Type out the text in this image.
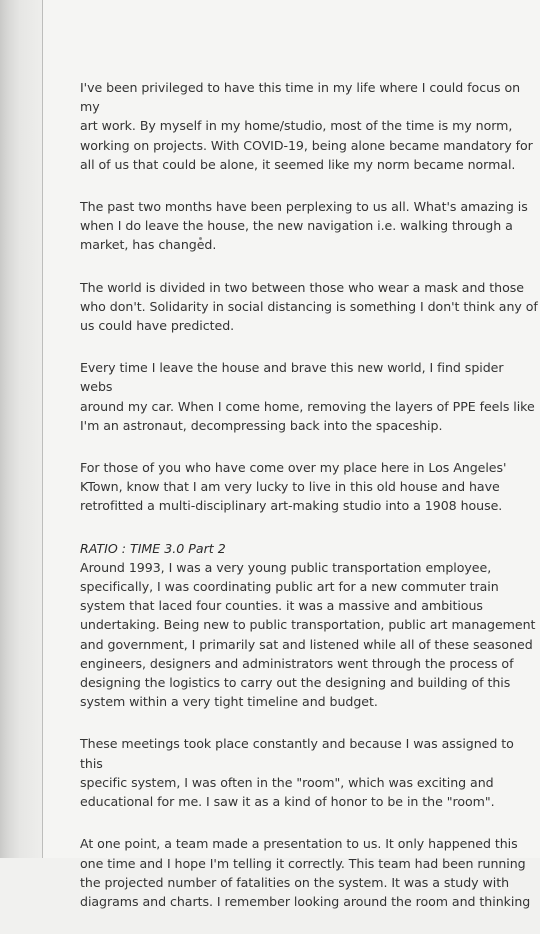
I've been privileged to have this time in my life where I could focus on my
art work. By myself in my home/studio, most of the time is my norm,
working on projects. With COVID-19, being alone became mandatory for
all of us that could be alone, it seemed like my norm became normal.

The past two months have been perplexing to us all. What's amazing is
when I do leave the house, the new navigation i.e. walking through a
market, has changed.

The world is divided in two between those who wear a mask and those
who don't. Solidarity in social distancing is something I don't think any of
us could have predicted.

Every time I leave the house and brave this new world, I find spider webs
around my car. When I come home, removing the layers of PPE feels like
I'm an astronaut, decompressing back into the spaceship.

For those of you who have come over my place here in Los Angeles'
KTown, know that I am very lucky to live in this old house and have
retrofitted a multi-disciplinary art-making studio into a 1908 house.

RATIO : TIME 3.0 Part 2

Around 1993, I was a very young public transportation employee,
specifically, I was coordinating public art for a new commuter train
system that laced four counties. it was a massive and ambitious
undertaking. Being new to public transportation, public art management
and government, I primarily sat and listened while all of these seasoned
engineers, designers and administrators went through the process of
designing the logistics to carry out the designing and building of this
system within a very tight timeline and budget.

These meetings took place constantly and because I was assigned to this
specific system, I was often in the "room", which was exciting and
educational for me. I saw it as a kind of honor to be in the "room".

At one point, a team made a presentation to us. It only happened this
one time and I hope I'm telling it correctly. This team had been running
the projected number of fatalities on the system. It was a study with
diagrams and charts. I remember looking around the room and thinking
